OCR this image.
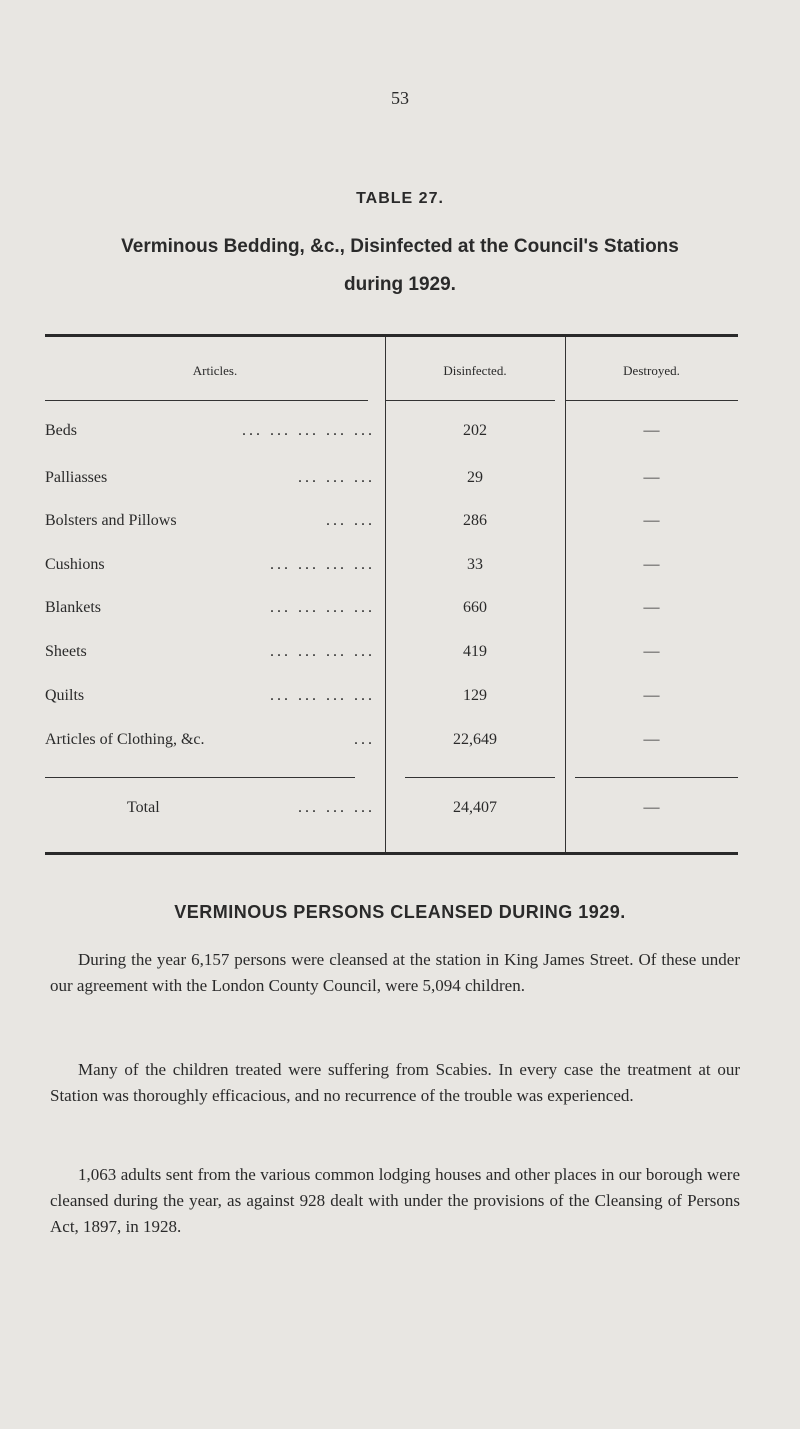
53
TABLE 27.
Verminous Bedding, &c., Disinfected at the Council's Stations
during 1929.
Articles.	Disinfected.	Destroyed.
Beds	... ... ... ... ...	202	—
Palliasses	... ... ...	29	—
Bolsters and Pillows	... ...	286	—
Cushions	... ... ... ...	33	—
Blankets	... ... ... ...	660	—
Sheets	... ... ... ...	419	—
Quilts	... ... ... ...	129	—
Articles of Clothing, &c.	...	22,649	—
Total	... ... ...	24,407	—
VERMINOUS PERSONS CLEANSED DURING 1929.
During the year 6,157 persons were cleansed at the station in King James Street. Of these under our agreement with the London County Council, were 5,094 children.
Many of the children treated were suffering from Scabies. In every case the treatment at our Station was thoroughly efficacious, and no recurrence of the trouble was experienced.
1,063 adults sent from the various common lodging houses and other places in our borough were cleansed during the year, as against 928 dealt with under the provisions of the Cleansing of Persons Act, 1897, in 1928.
